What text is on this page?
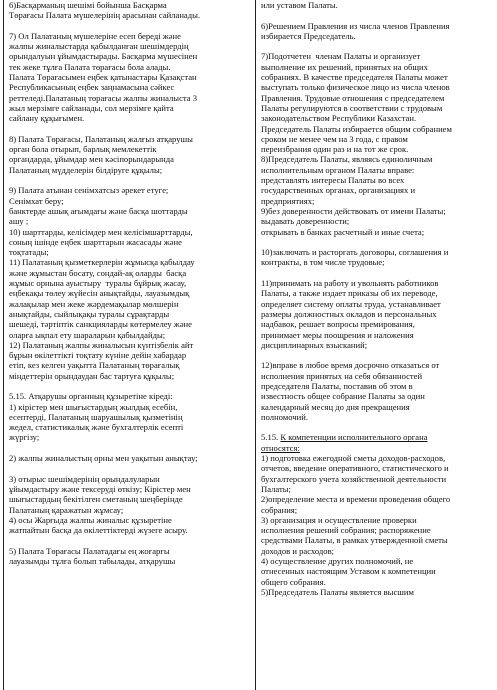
6)Басқарманың шешімі бойынша Басқарма

Төрағасы Палата мүшелерінің арасынан сайланады.

7) Ол Палатаның мүшелеріне есеп береді және

жалпы жиналыстарда қабылданған шешімдердің

орындалуын ұйымдастырады. Басқарма мүшесінен

тек жеке тұлға Палата төрағасы бола алады.

Палата Төрағасымен еңбек қатынастары Қазақстан

Республикасының еңбек заңнамасына сәйкес

реттеледі.Палатаның төрағасы жалпы жиналыста 3

жыл мерзімге сайланады, сол мерзімге қайта

сайлану құқығымен.

8) Палата Төрағасы, Палатаның жалғыз атқарушы

орган бола отырып, барлық мемлекеттік

органдарда, ұйымдар мен кәсіпорындарында

Палатаның мүдделерін білдіруге құқылы;

9) Палата атынан сенімхатсыз әрекет етуге;

Сенімхат беру;

банктерде ашық ағымдағы және басқа шоттарды

ашу ;

10) шарттарды, келісімдер мен келісімшарттарды,

соның ішінде еңбек шарттарын жасасады және

тоқтатады;

11) Палатаның қызметкерлерін жұмысқа қабылдау

және жұмыстан босату, сондай-ақ оларды  басқа

жұмыс орнына ауыстыру  туралы бұйрық жасау,

еңбекақы төлеу жүйесін анықтайды, лауазымдық

жалақылар мен жеке жәрдемақылар мөлшерін

анықтайды, сыйлықақы туралы сұрақтарды

шешеді, тәртіптік санкцияларды көтермелеу және

оларға ықпал ету шараларын қабылдайды;

12) Палатаның жалпы жиналысын күнтізбелік айт

бұрын өкілеттікті тоқтату күніне дейін хабардар

етіп, кез келген уақытта Палатаның төрағалық

міндеттерін орындаудан бас тартуға құқылы;

5.15. Атқарушы органның құзыретіне кіреді:

1) кірістер мен шығыстардың жылдық есебін,

есептерді, Палатаның шаруашылық қызметінің

жедел, статистикалық және бухгалтерлік есепті

жүргізу;

2) жалпы жиналыстың орны мен уақытын анықтау;

3) отырыс шешімдерінің орындалуларын

ұйымдастыру және тексеруді өткізу; Кірістер мен

шығыстардың бекітілген сметаның шеңберінде

Палатаның қаражатын жұмсау;

4) осы Жарғыда жалпы жиналыс құзыретіне

жатпайтын басқа да өкілеттіктерді жүзеге асыру.

5) Палата Төрағасы Палатадағы ең жоғарғы

лауазымды тұлға болып табылады, атқарушы

или уставом Палаты.

6)Решением Правления из числа членов Правления

избирается Председатель.

7)Подотчетен  членам Палаты и организует

выполнение их решений, принятых на общих

собраниях. В качестве председателя Палаты может

выступать только физическое лицо из числа членов

Правления. Трудовые отношения с председателем

Палаты регулируются в соответствии с трудовым

законодательством Республики Казахстан.

Председатель Палаты избирается общим собранием

сроком не менее чем на 3 года, с правом

переизбрания один раз и на тот же срок.

8)Председатель Палаты, являясь единоличным

исполнительным органом Палаты вправе:

представлять интересы Палаты во всех

государственных органах, организациях и

предприятиях;

9)без доверенности действовать от имени Палаты;

выдавать доверенности;

открывать в банках расчетный и иные счета;

10)заключать и расторгать договоры, соглашения и

контракты, в том числе трудовые;

11)принимать на работу и увольнять работников

Палаты, а также издает приказы об их переводе,

определяет систему оплаты труда, устанавливает

размеры должностных окладов и персональных

надбавок, решает вопросы премирования,

принимает меры поощрения и наложения

дисциплинарных взысканий;

12)вправе в любое время досрочно отказаться от

исполнения принятых на себя обязанностей

председателя Палаты, поставив об этом в

известность общее собрание Палаты за один

календарный месяц до дня прекращения

полномочий.

5.15. К компетенции исполнительного органа

относятся:

1) подготовка ежегодной сметы доходов-расходов,

отчетов, введение оперативного, статистического и

бухгалтерского учета хозяйственной деятельности

Палаты;

2)определение места и времени проведения общего

собрания;

3) организация и осуществление проверки

исполнения решений собрания; распоряжение

средствами Палаты, в рамках утвержденной сметы

доходов и расходов;

4) осуществление других полномочий, не

отнесенных настоящим Уставом к компетенции

общего собрания.

5)Председатель Палаты является высшим
